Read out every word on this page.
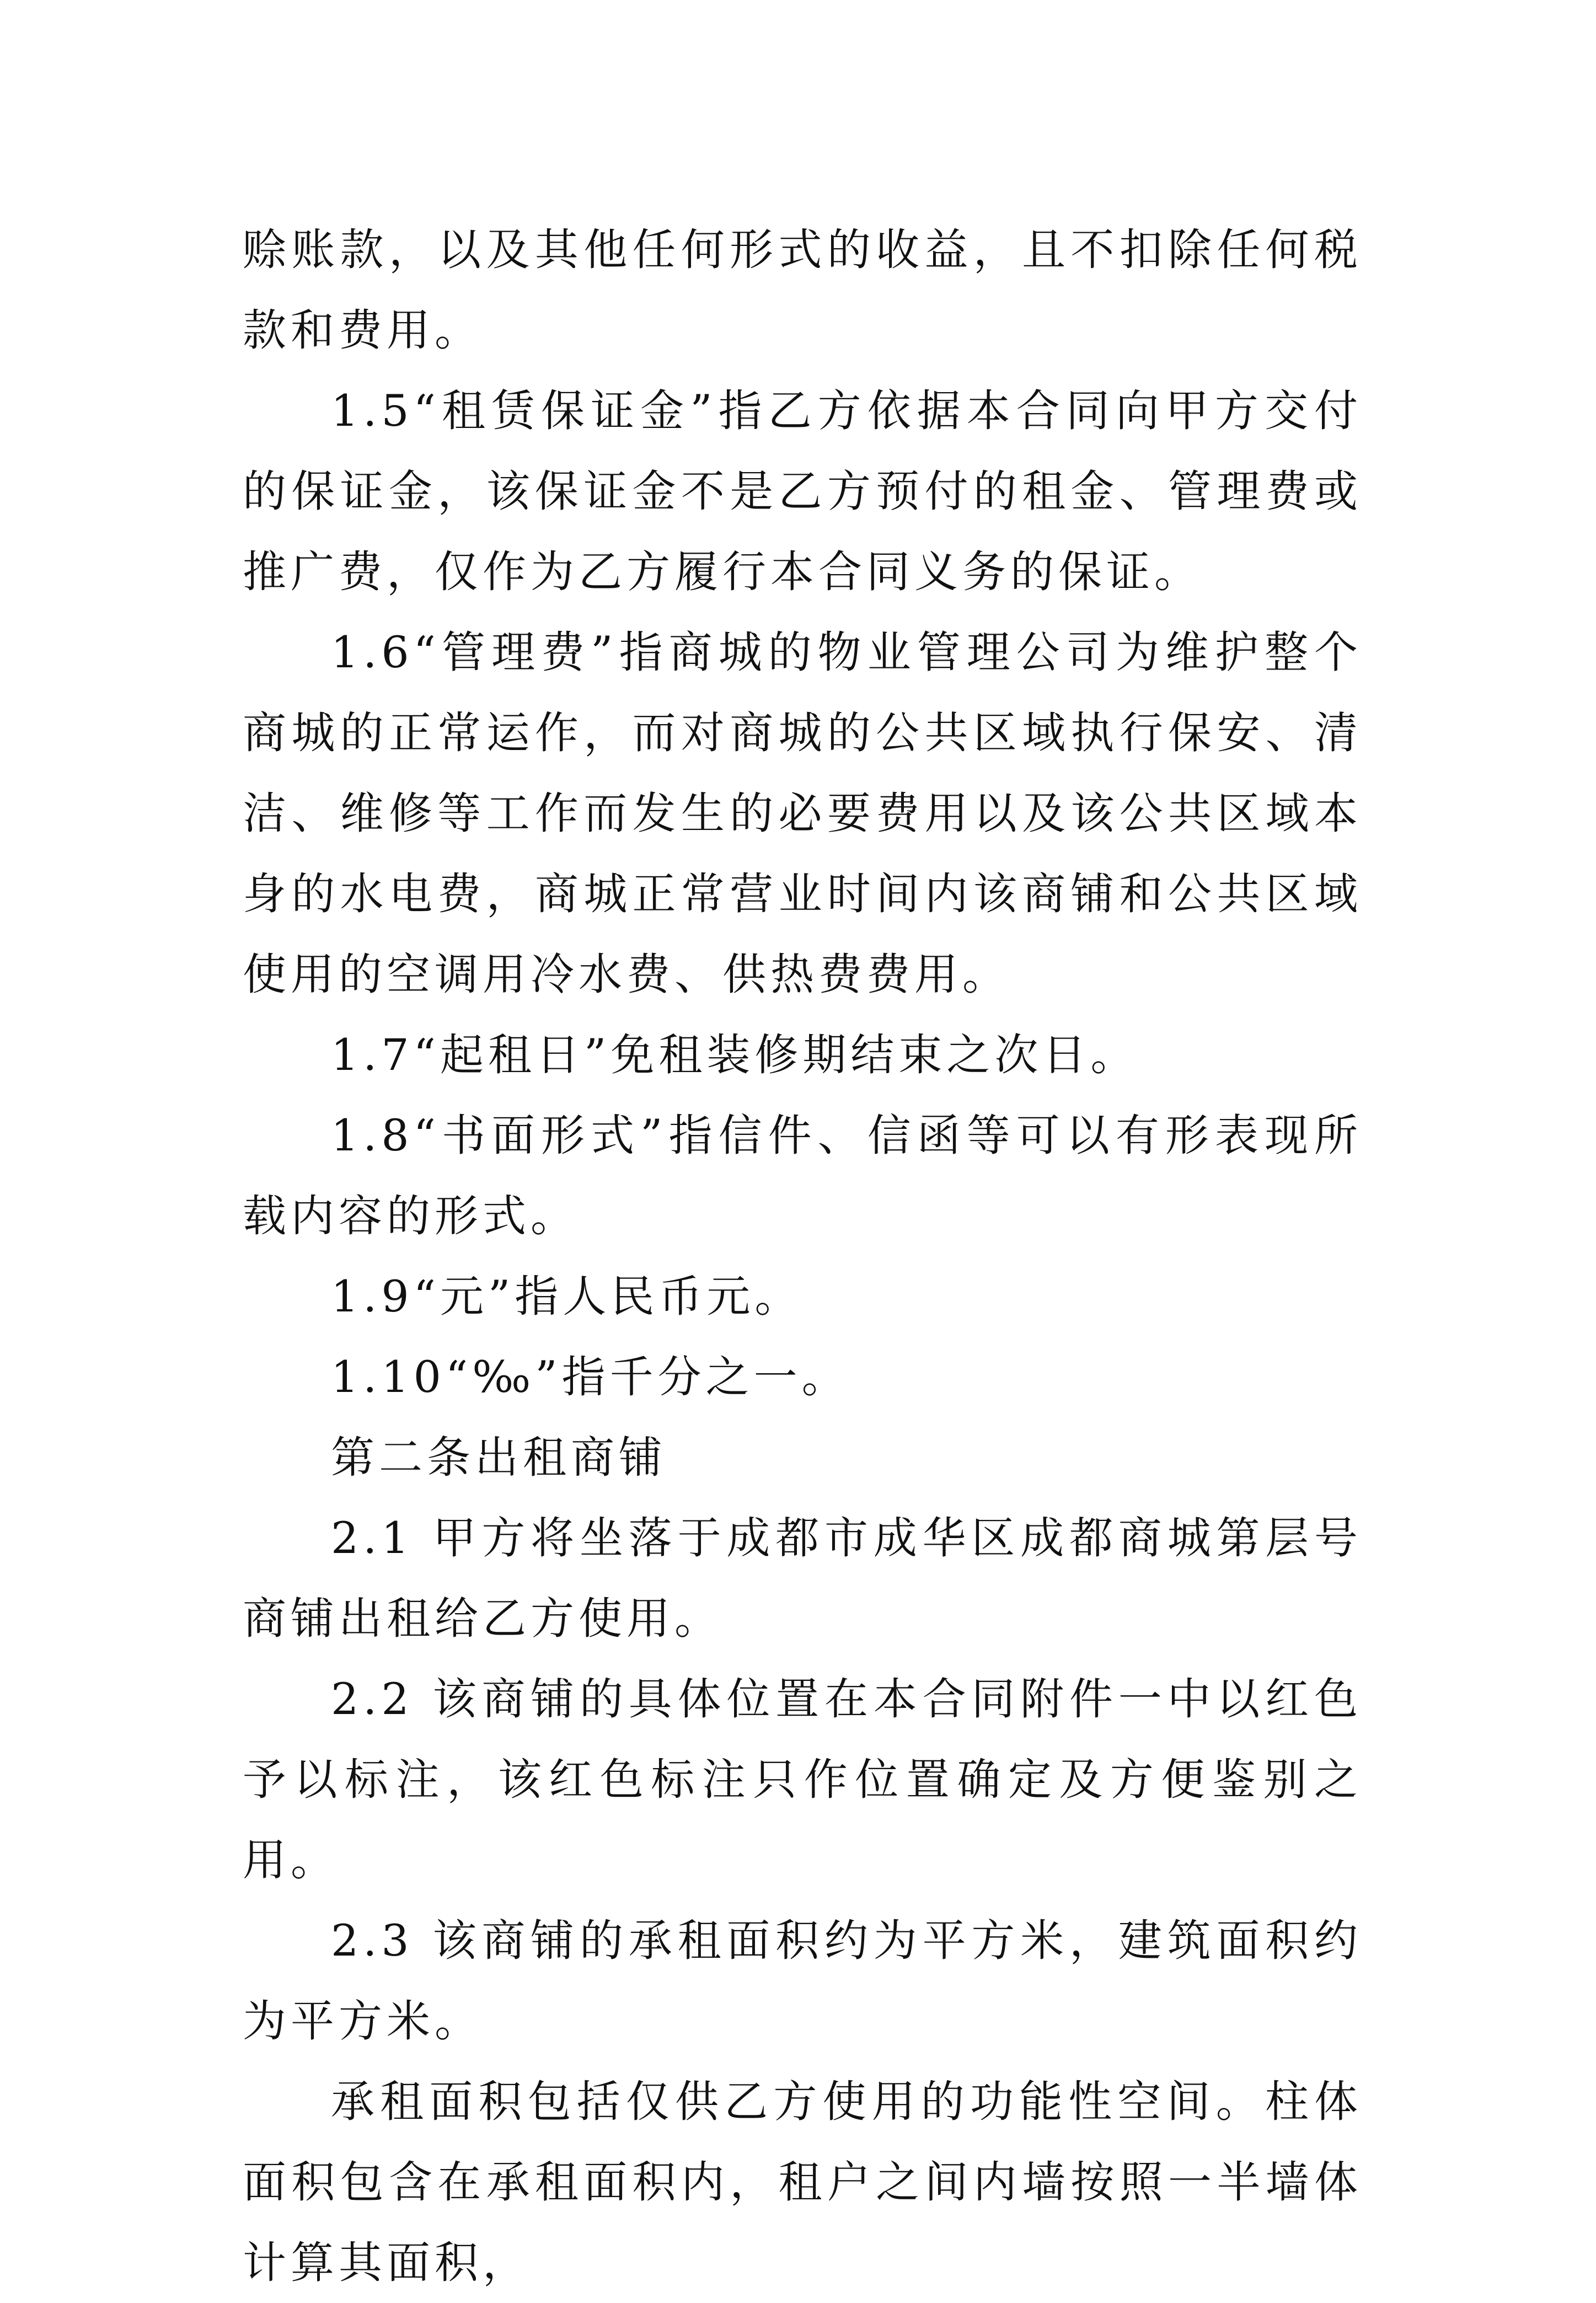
赊账款，以及其他任何形式的收益，且不扣除任何税款和费用。

1.5“租赁保证金”指乙方依据本合同向甲方交付的保证金，该保证金不是乙方预付的租金、管理费或推广费，仅作为乙方履行本合同义务的保证。

1.6“管理费”指商城的物业管理公司为维护整个商城的正常运作，而对商城的公共区域执行保安、清洁、维修等工作而发生的必要费用以及该公共区域本身的水电费，商城正常营业时间内该商铺和公共区域使用的空调用冷水费、供热费费用。

1.7“起租日”免租装修期结束之次日。

1.8“书面形式”指信件、信函等可以有形表现所载内容的形式。

1.9“元”指人民币元。

1.10“‰”指千分之一。

第二条出租商铺

2.1 甲方将坐落于成都市成华区成都商城第层号商铺出租给乙方使用。

2.2 该商铺的具体位置在本合同附件一中以红色予以标注，该红色标注只作位置确定及方便鉴别之用。

2.3 该商铺的承租面积约为平方米，建筑面积约为平方米。

承租面积包括仅供乙方使用的功能性空间。柱体面积包含在承租面积内，租户之间内墙按照一半墙体计算其面积，
